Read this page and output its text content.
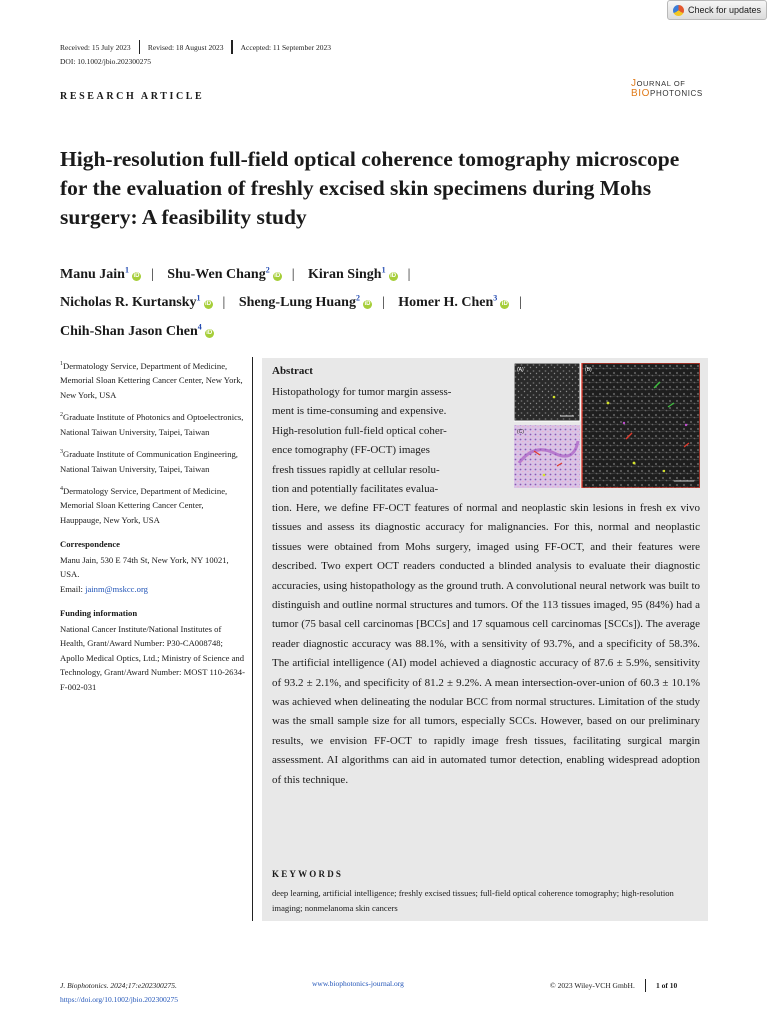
Check for updates
Received: 15 July 2023 Revised: 18 August 2023 Accepted: 11 September 2023
DOI: 10.1002/jbio.202300275
JOURNAL OF
BIOPHOTONICS
RESEARCH ARTICLE
High-resolution full-field optical coherence tomography microscope for the evaluation of freshly excised skin specimens during Mohs surgery: A feasibility study
Manu Jain$^1$iD | Shu-Wen Chang$^2$iD | Kiran Singh$^1$iD |
Nicholas R. Kurtansky$^1$iD | Sheng-Lung Huang$^2$iD | Homer H. Chen$^3$iD |
Chih-Shan Jason Chen$^4$iD

$^1$Dermatology Service, Department of Medicine, Memorial Sloan Kettering Cancer Center, New York, New York, USA

$^2$Graduate Institute of Photonics and Optoelectronics, National Taiwan University, Taipei, Taiwan

$^3$Graduate Institute of Communication Engineering, National Taiwan University, Taipei, Taiwan

$^4$Dermatology Service, Department of Medicine, Memorial Sloan Kettering Cancer Center, Hauppauge, New York, USA

Correspondence

Manu Jain, 530 E 74th St, New York, NY 10021, USA.

Email: jainm@mskcc.org

Funding information

National Cancer Institute/National Institutes of Health, Grant/Award Number: P30-CA008748; Apollo Medical Optics, Ltd.; Ministry of Science and Technology, Grant/Award Number: MOST 110-2634-F-002-031

Abstract
Histopathology for tumor margin assess-
ment is time-consuming and expensive.
High-resolution full-field optical coher-
ence tomography (FF-OCT) images
fresh tissues rapidly at cellular resolu-
tion and potentially facilitates evalua-
tion. Here, we define FF-OCT features of normal and neoplastic skin lesions in fresh ex vivo tissues and assess its diagnostic accuracy for malignancies. For this, normal and neoplastic tissues were obtained from Mohs surgery, imaged using FF-OCT, and their features were described. Two expert OCT readers conducted a blinded analysis to evaluate their diagnostic accuracies, using histopathology as the ground truth. A convolutional neural network was built to distinguish and outline normal structures and tumors. Of the 113 tissues imaged, 95 (84%) had a tumor (75 basal cell carcinomas [BCCs] and 17 squamous cell carcinomas [SCCs]). The average reader diagnostic accuracy was 88.1%, with a sensitivity of 93.7%, and a specificity of 58.3%. The artificial intelligence (AI) model achieved a diagnostic accuracy of 87.6 ± 5.9%, sensitivity of 93.2 ± 2.1%, and specificity of 81.2 ± 9.2%. A mean intersection-over-union of 60.3 ± 10.1% was achieved when delineating the nodular BCC from normal structures. Limitation of the study was the small sample size for all tumors, especially SCCs. However, based on our preliminary results, we envision FF-OCT to rapidly image fresh tissues, facilitating surgical margin assessment. AI algorithms can aid in automated tumor detection, enabling widespread adoption of this technique.
(A)
(C)
(B)
KEYWORDS
deep learning, artificial intelligence; freshly excised tissues; full-field optical coherence tomography; high-resolution imaging; nonmelanoma skin cancers
J. Biophotonics. 2024;17:e202300275.
https://doi.org/10.1002/jbio.202300275
www.biophotonics-journal.org	© 2023 Wiley-VCH GmbH.	1 of 10
